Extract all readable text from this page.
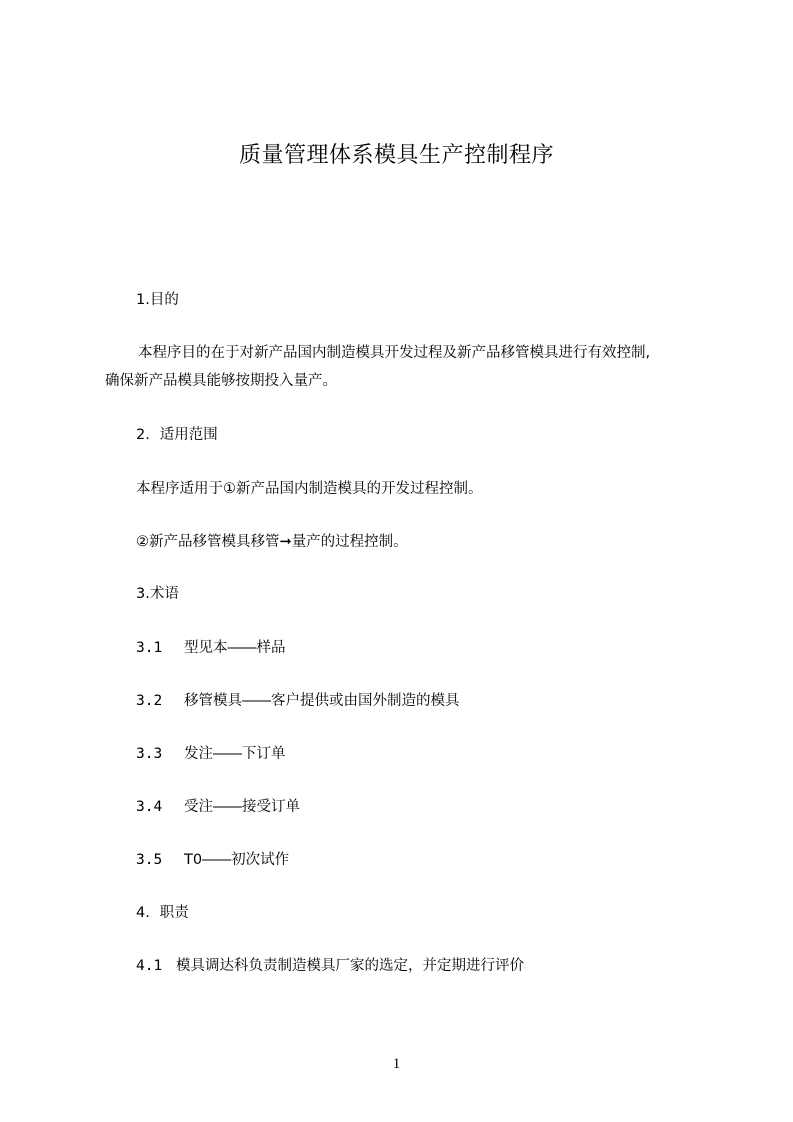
质量管理体系模具生产控制程序
1.目的
本程序目的在于对新产品国内制造模具开发过程及新产品移管模具进行有效控制,
确保新产品模具能够按期投入量产。
2．适用范围
本程序适用于①新产品国内制造模具的开发过程控制。
②新产品移管模具移管➞量产的过程控制。
3.术语
3.1 型见本――样品
3.2 移管模具――客户提供或由国外制造的模具
3.3 发注――下订单
3.4 受注――接受订单
3.5 T0――初次试作
4．职责
4.1 模具调达科负责制造模具厂家的选定，并定期进行评价
1
